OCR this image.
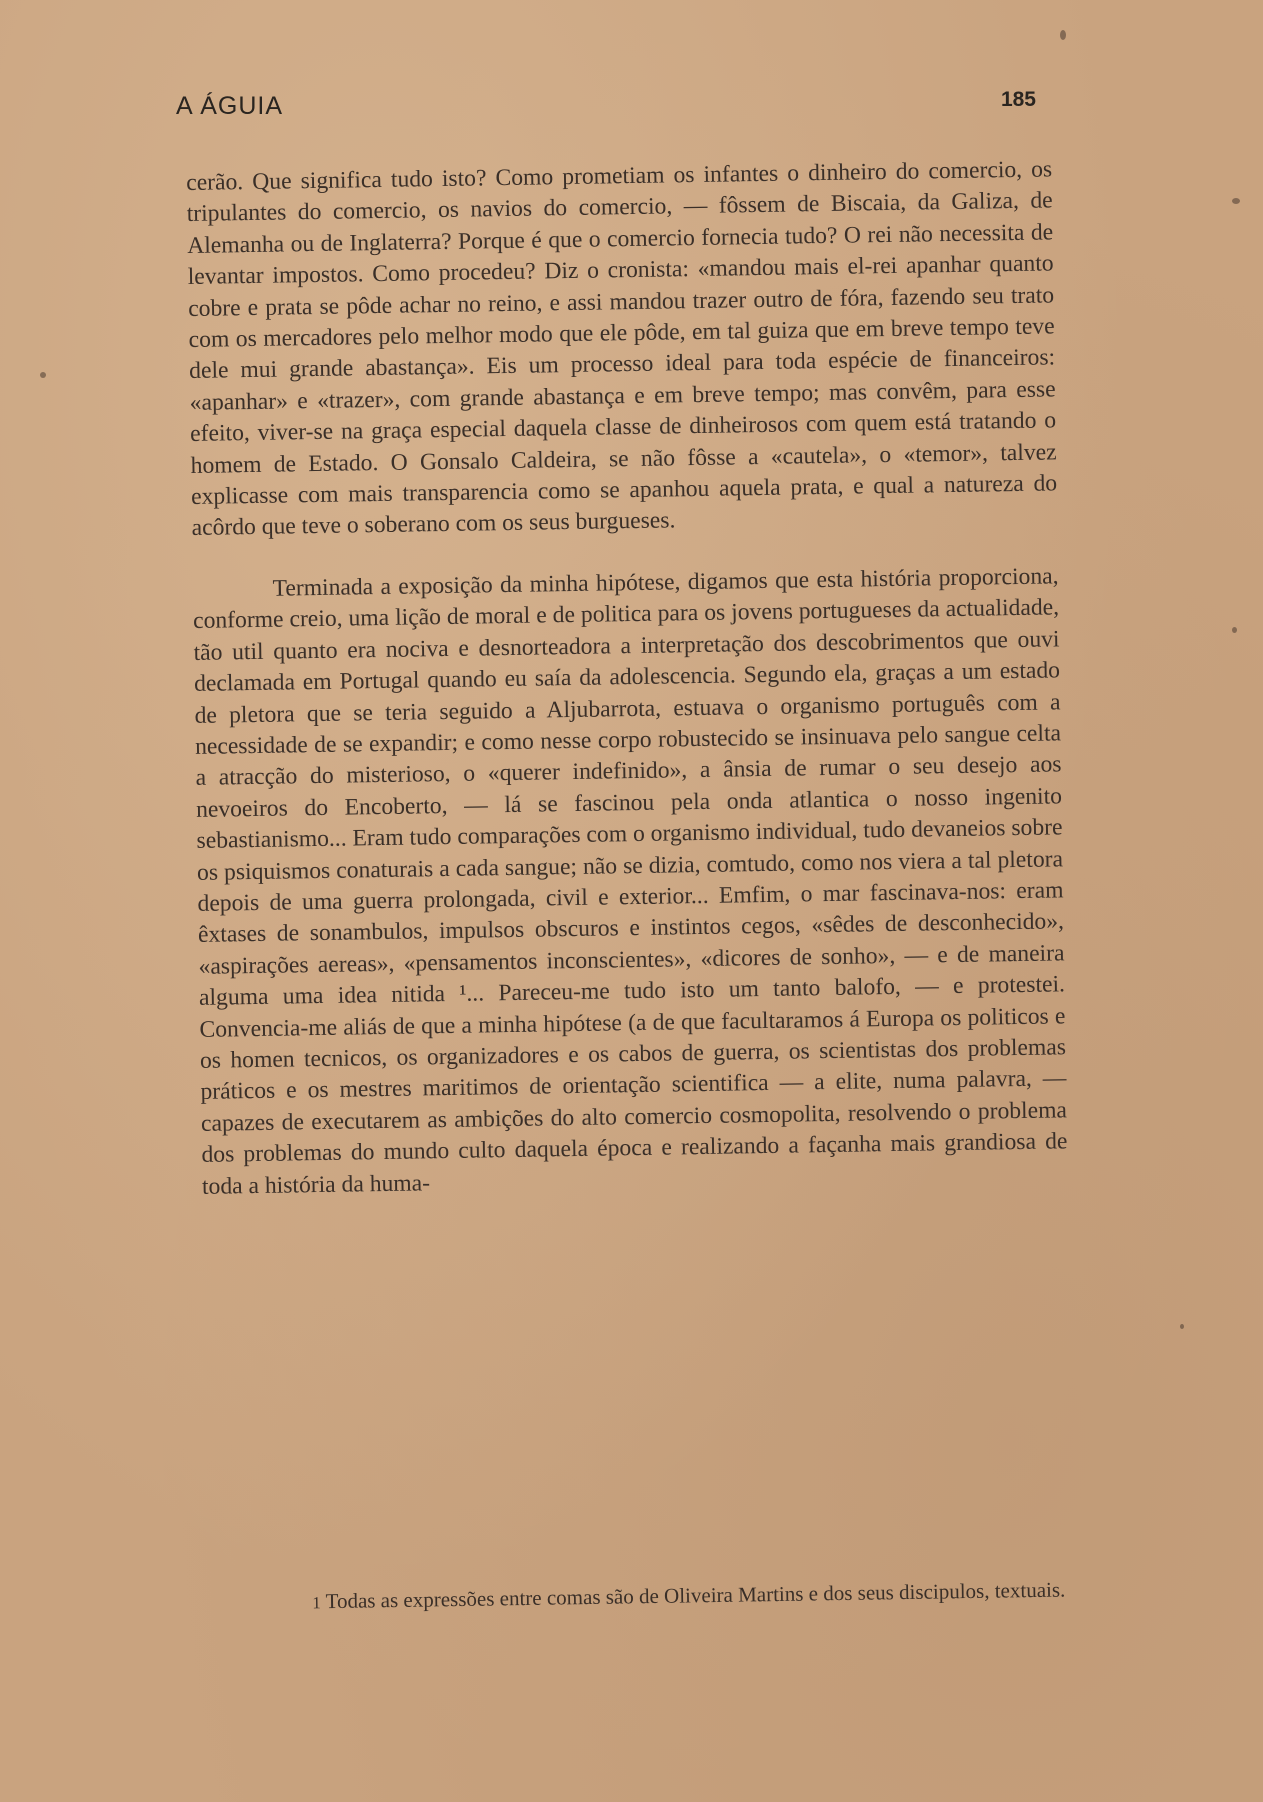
A ÁGUIA	185

cerão. Que significa tudo isto? Como prometiam os infantes o dinheiro do comercio, os tripulantes do comercio, os navios do comercio, — fôssem de Biscaia, da Galiza, de Alemanha ou de Inglaterra? Porque é que o comercio fornecia tudo? O rei não necessita de levantar impostos. Como procedeu? Diz o cronista: «mandou mais el-rei apanhar quanto cobre e prata se pôde achar no reino, e assi mandou trazer outro de fóra, fazendo seu trato com os mercadores pelo melhor modo que ele pôde, em tal guiza que em breve tempo teve dele mui grande abastança». Eis um processo ideal para toda espécie de financeiros: «apanhar» e «trazer», com grande abastança e em breve tempo; mas convêm, para esse efeito, viver-se na graça especial daquela classe de dinheirosos com quem está tratando o homem de Estado. O Gonsalo Caldeira, se não fôsse a «cautela», o «temor», talvez explicasse com mais transparencia como se apanhou aquela prata, e qual a natureza do acôrdo que teve o soberano com os seus burgueses.

Terminada a exposição da minha hipótese, digamos que esta história proporciona, conforme creio, uma lição de moral e de politica para os jovens portugueses da actualidade, tão util quanto era nociva e desnorteadora a interpretação dos descobrimentos que ouvi declamada em Portugal quando eu saía da adolescencia. Segundo ela, graças a um estado de pletora que se teria seguido a Aljubarrota, estuava o organismo português com a necessidade de se expandir; e como nesse corpo robustecido se insinuava pelo sangue celta a atracção do misterioso, o «querer indefinido», a ânsia de rumar o seu desejo aos nevoeiros do Encoberto, — lá se fascinou pela onda atlantica o nosso ingenito sebastianismo... Eram tudo comparações com o organismo individual, tudo devaneios sobre os psiquismos conaturais a cada sangue; não se dizia, comtudo, como nos viera a tal pletora depois de uma guerra prolongada, civil e exterior... Emfim, o mar fascinava-nos: eram êxtases de sonambulos, impulsos obscuros e instintos cegos, «sêdes de desconhecido», «aspirações aereas», «pensamentos inconscientes», «dicores de sonho», — e de maneira alguma uma idea nitida ¹... Pareceu-me tudo isto um tanto balofo, — e protestei. Convencia-me aliás de que a minha hipótese (a de que facultaramos á Europa os politicos e os homen tecnicos, os organizadores e os cabos de guerra, os scientistas dos problemas práticos e os mestres maritimos de orientação scientifica — a elite, numa palavra, — capazes de executarem as ambições do alto comercio cosmopolita, resolvendo o problema dos problemas do mundo culto daquela época e realizando a façanha mais grandiosa de toda a história da huma-

1 Todas as expressões entre comas são de Oliveira Martins e dos seus discipulos, textuais.
